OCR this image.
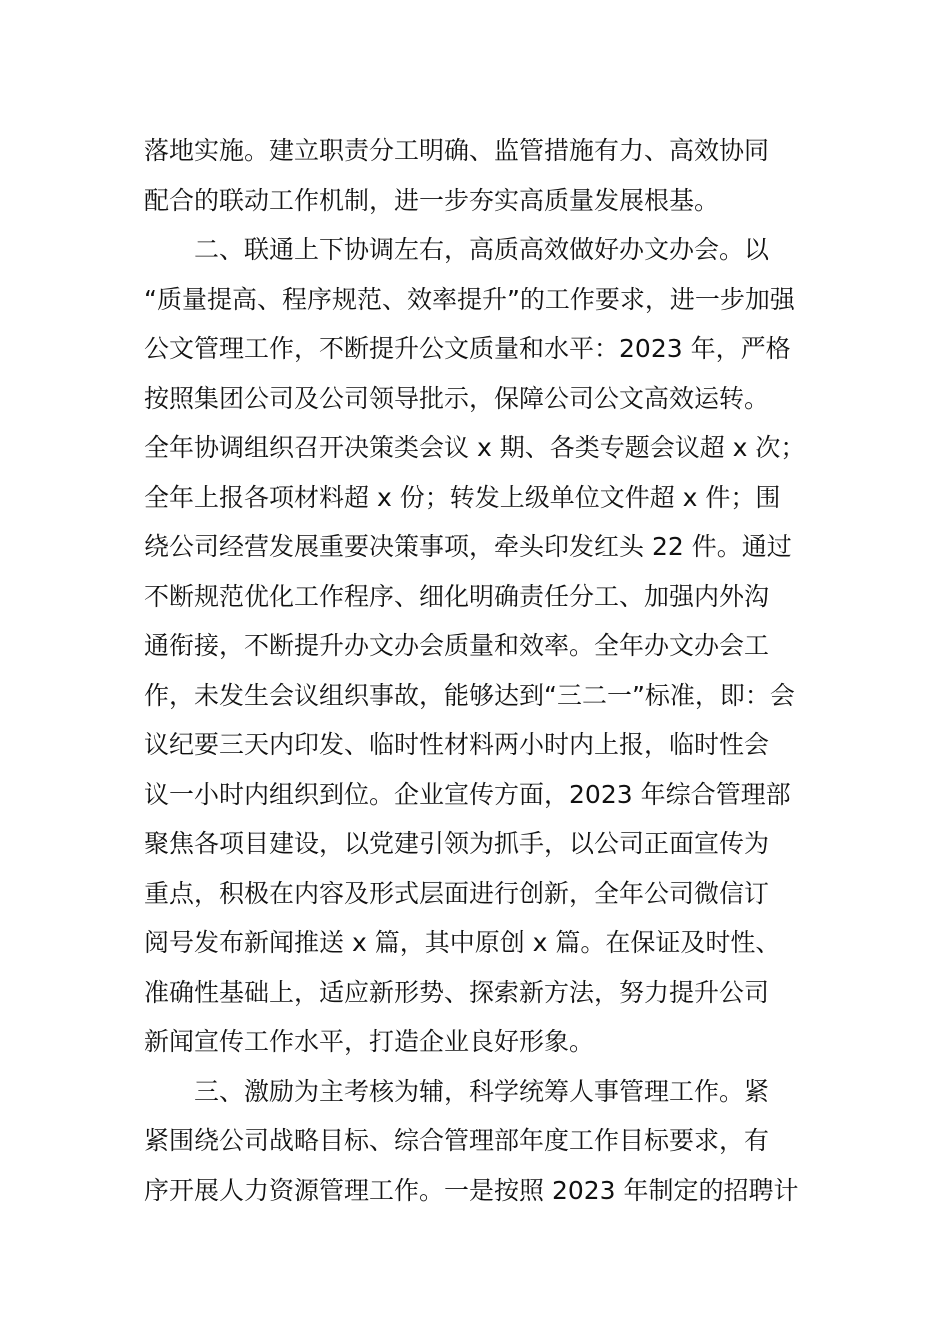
落地实施。建立职责分工明确、监管措施有力、高效协同
配合的联动工作机制，进一步夯实高质量发展根基。
二、联通上下协调左右，高质高效做好办文办会。以
“质量提高、程序规范、效率提升”的工作要求，进一步加强
公文管理工作，不断提升公文质量和水平：2023 年，严格
按照集团公司及公司领导批示，保障公司公文高效运转。
全年协调组织召开决策类会议 x 期、各类专题会议超 x 次；
全年上报各项材料超 x 份；转发上级单位文件超 x 件；围
绕公司经营发展重要决策事项，牵头印发红头 22 件。通过
不断规范优化工作程序、细化明确责任分工、加强内外沟
通衔接，不断提升办文办会质量和效率。全年办文办会工
作，未发生会议组织事故，能够达到“三二一”标准，即：会
议纪要三天内印发、临时性材料两小时内上报，临时性会
议一小时内组织到位。企业宣传方面，2023 年综合管理部
聚焦各项目建设，以党建引领为抓手，以公司正面宣传为
重点，积极在内容及形式层面进行创新，全年公司微信订
阅号发布新闻推送 x 篇，其中原创 x 篇。在保证及时性、
准确性基础上，适应新形势、探索新方法，努力提升公司
新闻宣传工作水平，打造企业良好形象。
三、激励为主考核为辅，科学统筹人事管理工作。紧
紧围绕公司战略目标、综合管理部年度工作目标要求，有
序开展人力资源管理工作。一是按照 2023 年制定的招聘计
